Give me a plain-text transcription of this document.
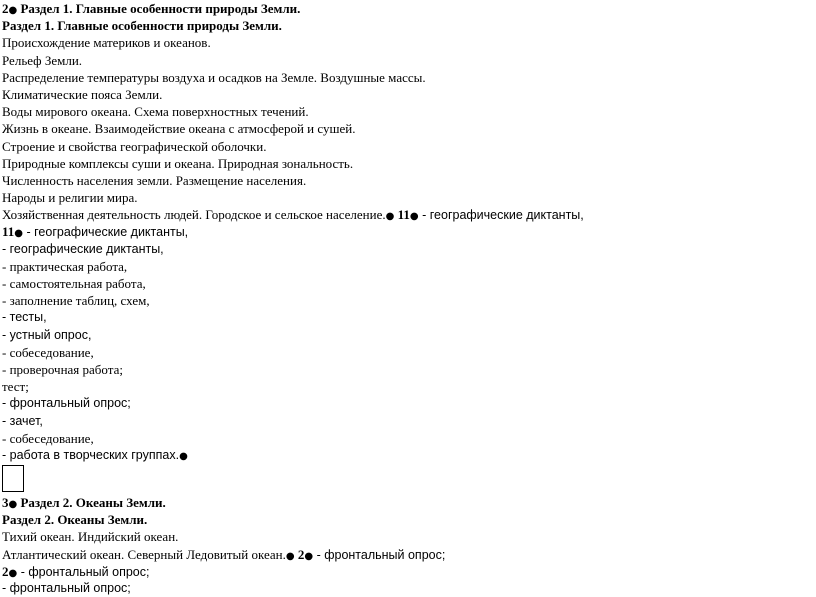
2● Раздел 1. Главные особенности природы Земли.
Раздел 1. Главные особенности природы Земли.
Происхождение материков и океанов.
Рельеф Земли.
Распределение температуры воздуха и осадков на Земле. Воздушные массы.
Климатические пояса Земли.
Воды мирового океана. Схема поверхностных течений.
Жизнь в океане. Взаимодействие океана с атмосферой и сушей.
Строение и свойства географической оболочки.
Природные комплексы суши и океана. Природная зональность.
Численность населения земли. Размещение населения.
Народы и религии мира.
Хозяйственная деятельность людей. Городское и сельское население.● 11● - географические диктанты,
11● - географические диктанты,
- географические диктанты,
- практическая работа,
- самостоятельная работа,
- заполнение таблиц, схем,
- тесты,
- устный опрос,
- собеседование,
- проверочная работа;
тест;
- фронтальный опрос;
- зачет,
- собеседование,
- работа в творческих группах.●
3● Раздел 2. Океаны Земли.
Раздел 2. Океаны Земли.
Тихий океан. Индийский океан.
Атлантический океан. Северный Ледовитый океан.● 2● - фронтальный опрос;
2● - фронтальный опрос;
- фронтальный опрос;
